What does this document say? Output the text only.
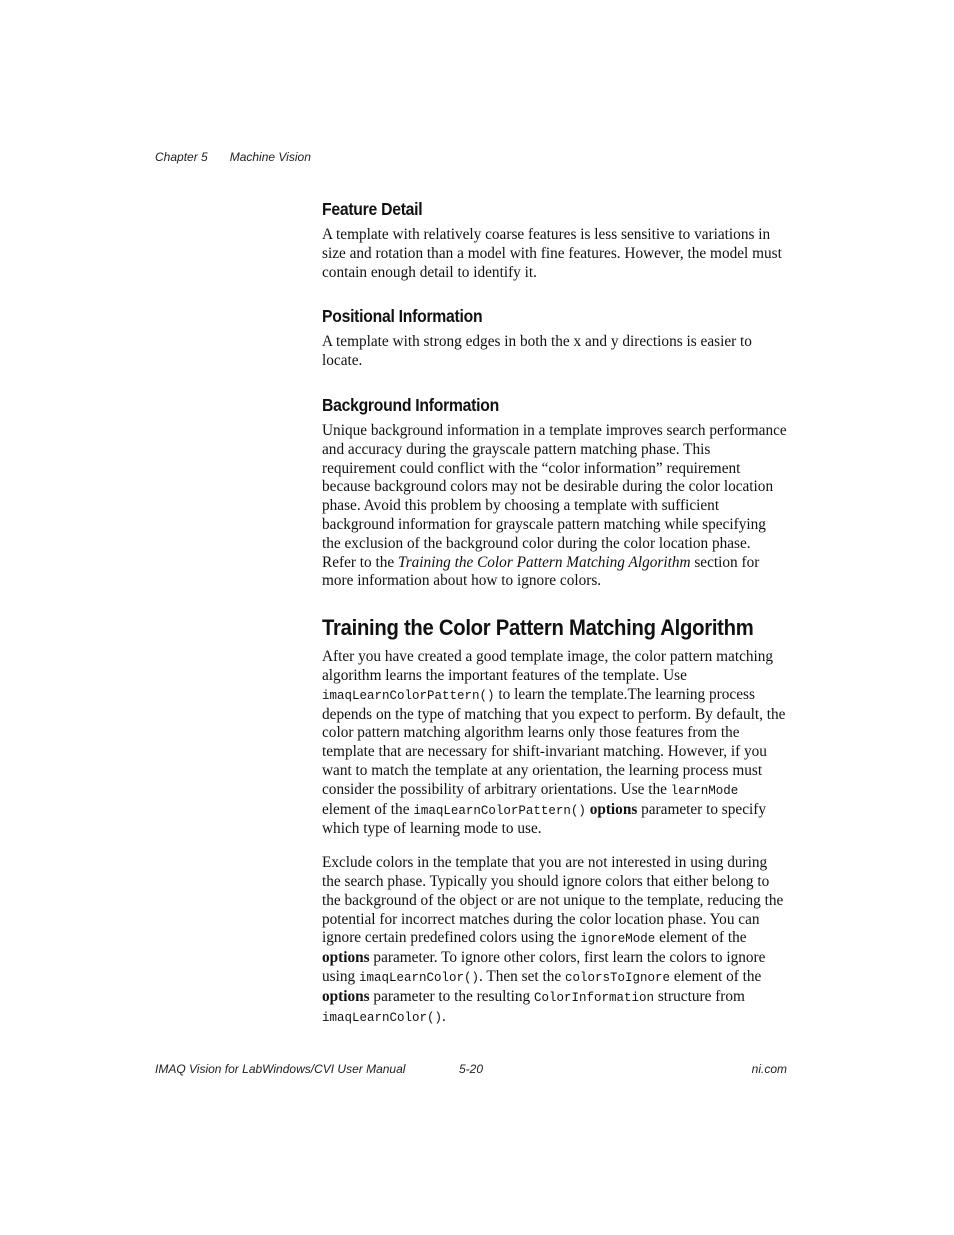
Chapter 5 Machine Vision
Feature Detail

A template with relatively coarse features is less sensitive to variations in size and rotation than a model with fine features. However, the model must contain enough detail to identify it.

Positional Information

A template with strong edges in both the x and y directions is easier to locate.

Background Information

Unique background information in a template improves search performance and accuracy during the grayscale pattern matching phase. This requirement could conflict with the “color information” requirement because background colors may not be desirable during the color location phase. Avoid this problem by choosing a template with sufficient background information for grayscale pattern matching while specifying the exclusion of the background color during the color location phase. Refer to the Training the Color Pattern Matching Algorithm section for more information about how to ignore colors.

Training the Color Pattern Matching Algorithm

After you have created a good template image, the color pattern matching algorithm learns the important features of the template. Use imaqLearnColorPattern() to learn the template.The learning process depends on the type of matching that you expect to perform. By default, the color pattern matching algorithm learns only those features from the template that are necessary for shift-invariant matching. However, if you want to match the template at any orientation, the learning process must consider the possibility of arbitrary orientations. Use the learnMode element of the imaqLearnColorPattern() options parameter to specify which type of learning mode to use.

Exclude colors in the template that you are not interested in using during the search phase. Typically you should ignore colors that either belong to the background of the object or are not unique to the template, reducing the potential for incorrect matches during the color location phase. You can ignore certain predefined colors using the ignoreMode element of the options parameter. To ignore other colors, first learn the colors to ignore using imaqLearnColor(). Then set the colorsToIgnore element of the options parameter to the resulting ColorInformation structure from imaqLearnColor().

IMAQ Vision for LabWindows/CVI User Manual	5-20	ni.com
